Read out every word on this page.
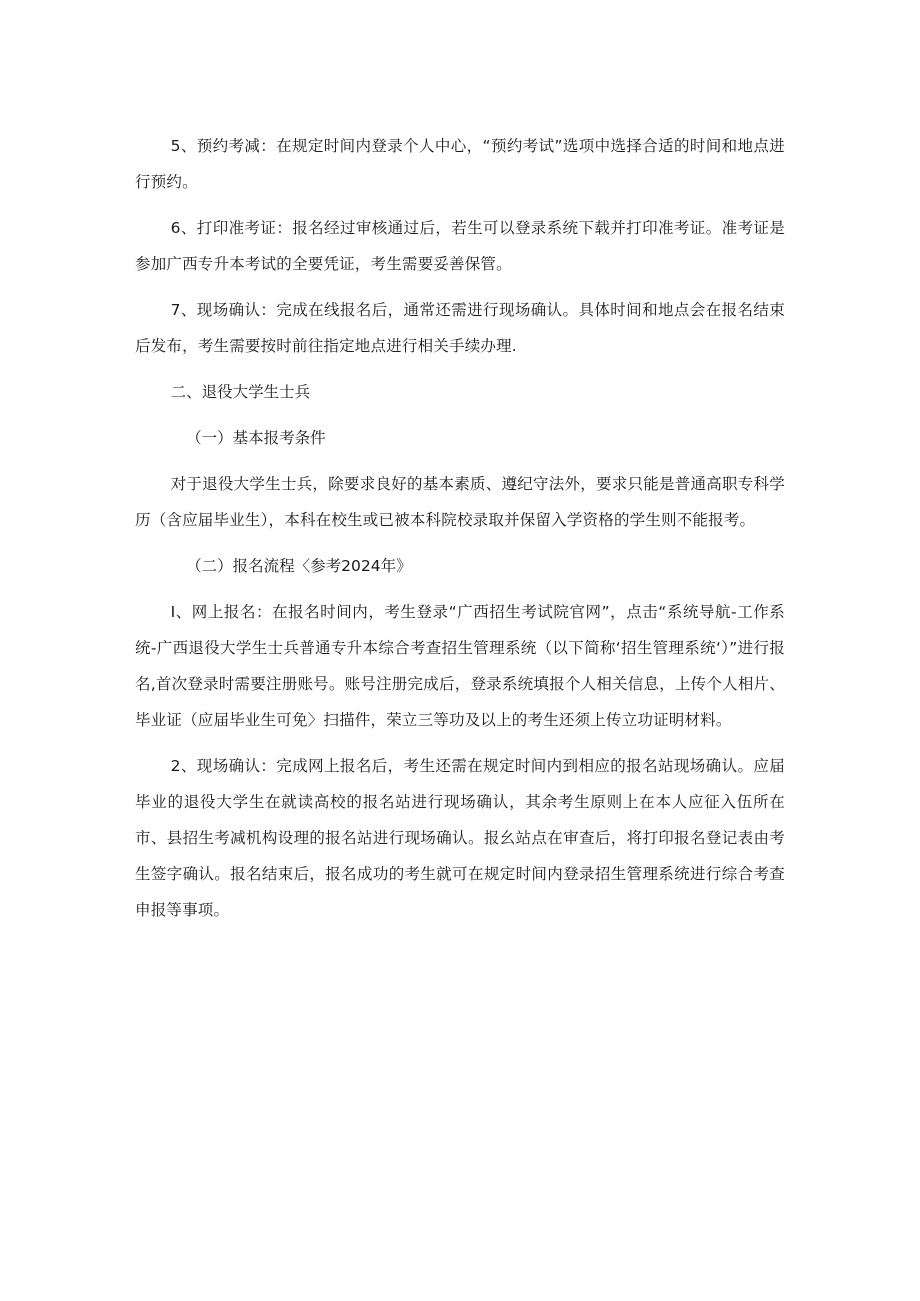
5、预约考减：在规定时间内登录个人中心，“预约考试”选项中选择合适的时间和地点进行预约。

6、打印准考证：报名经过审核通过后，若生可以登录系统下载并打印准考证。准考证是参加广西专升本考试的全要凭证，考生需要妥善保管。

7、现场确认：完成在线报名后，通常还需进行现场确认。具体时间和地点会在报名结束后发布，考生需要按时前往指定地点进行相关手续办理.

二、退役大学生士兵

（一）基本报考条件

对于退役大学生士兵，除要求良好的基本素质、遵纪守法外，要求只能是普通高职专科学历（含应届毕业生），本科在校生或已被本科院校录取并保留入学资格的学生则不能报考。

（二）报名流程〈参考2024年》

I、网上报名：在报名时间内，考生登录“广西招生考试院官网”，点击“系统导航-工作系统-广西退役大学生士兵普通专升本综合考查招生管理系统（以下简称‘招生管理系统‘）”进行报名,首次登录时需要注册账号。账号注册完成后，登录系统填报个人相关信息，上传个人相片、毕业证（应届毕业生可免〉扫描件，荣立三等功及以上的考生还须上传立功证明材料。

2、现场确认：完成网上报名后，考生还需在规定时间内到相应的报名站现场确认。应届毕业的退役大学生在就读高校的报名站进行现场确认，其余考生原则上在本人应征入伍所在市、县招生考减机构设理的报名站进行现场确认。报幺站点在审查后，将打印报名登记表由考生签字确认。报名结束后，报名成功的考生就可在规定时间内登录招生管理系统进行综合考查申报等事项。
